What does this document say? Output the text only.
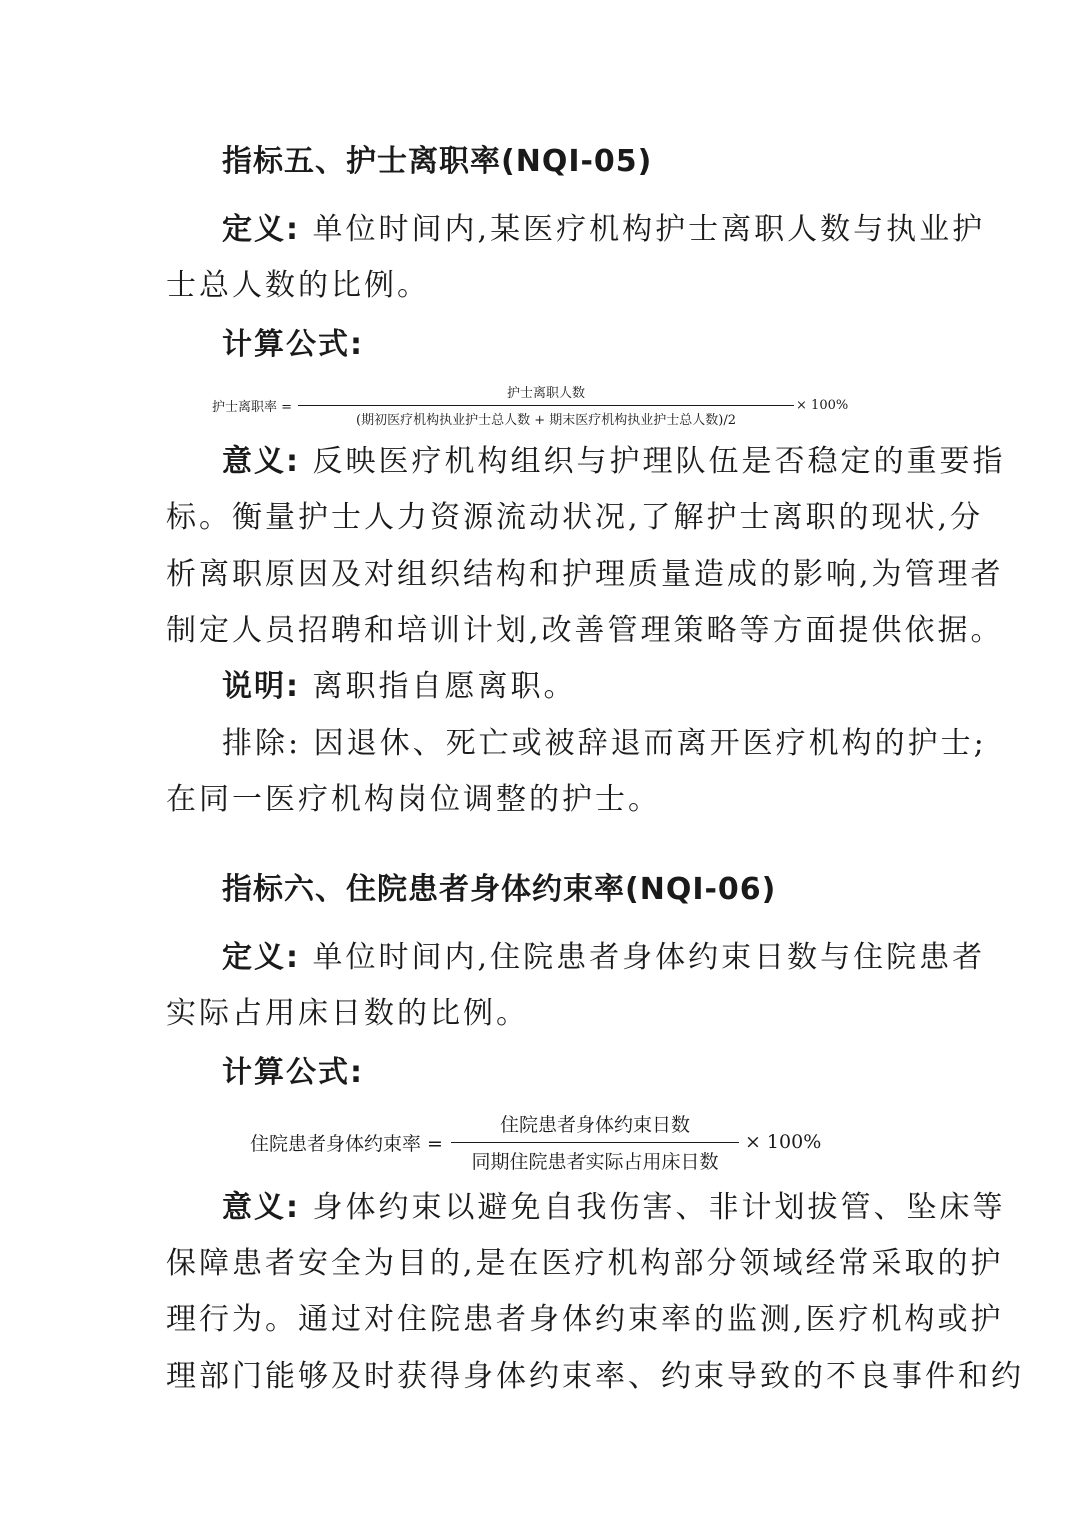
指标五、护士离职率(NQI-05)
定义: 单位时间内,某医疗机构护士离职人数与执业护
士总人数的比例。
计算公式:
护士离职率 = $\frac{\text{护士离职人数}}{\text{(期初医疗机构执业护士总人数 + 期末医疗机构执业护士总人数)/2}} \times 100\%$
意义: 反映医疗机构组织与护理队伍是否稳定的重要指
标。衡量护士人力资源流动状况,了解护士离职的现状,分
析离职原因及对组织结构和护理质量造成的影响,为管理者
制定人员招聘和培训计划,改善管理策略等方面提供依据。
说明: 离职指自愿离职。
排除: 因退休、死亡或被辞退而离开医疗机构的护士;
在同一医疗机构岗位调整的护士。
指标六、住院患者身体约束率(NQI-06)
定义: 单位时间内,住院患者身体约束日数与住院患者
实际占用床日数的比例。
计算公式:
住院患者身体约束率 = $\frac{\text{住院患者身体约束日数}}{\text{同期住院患者实际占用床日数}} \times 100\%$
意义: 身体约束以避免自我伤害、非计划拔管、坠床等
保障患者安全为目的,是在医疗机构部分领域经常采取的护
理行为。通过对住院患者身体约束率的监测,医疗机构或护
理部门能够及时获得身体约束率、约束导致的不良事件和约
